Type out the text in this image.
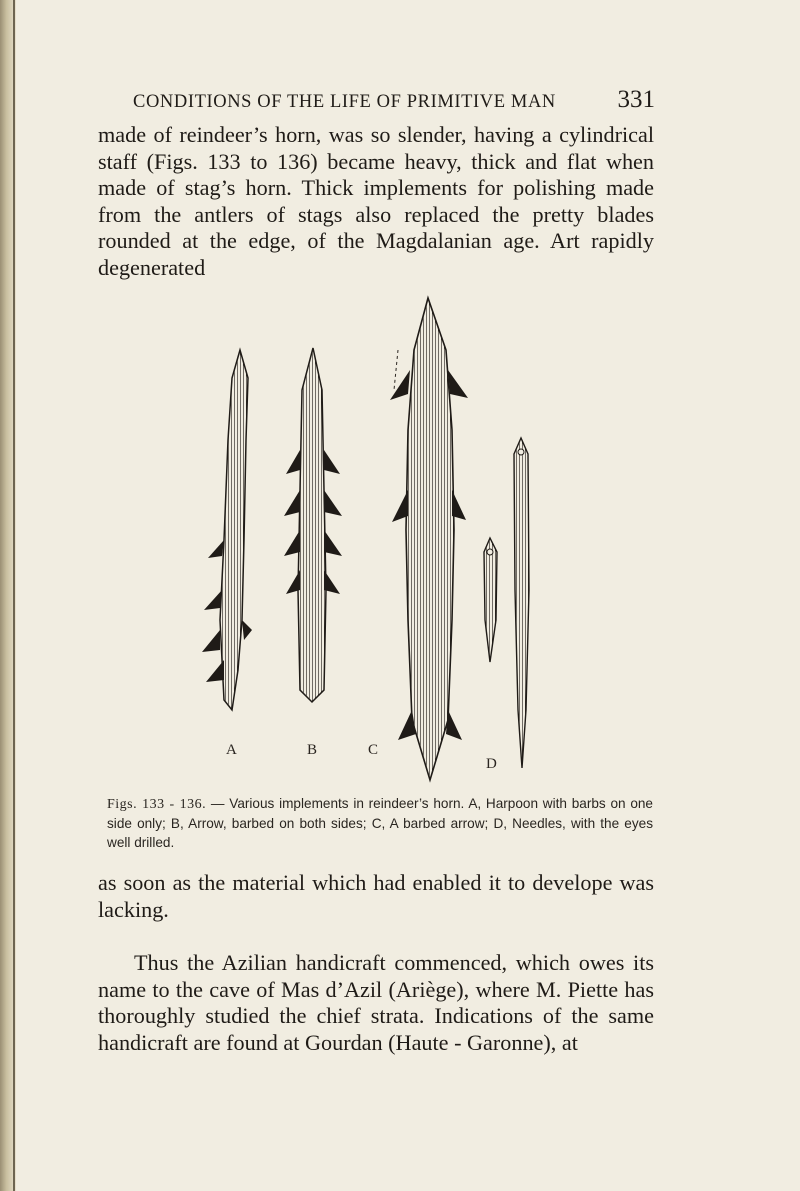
CONDITIONS OF THE LIFE OF PRIMITIVE MAN 331

made of reindeer’s horn, was so slender, having a cylindrical staff (Figs. 133 to 136) became heavy, thick and flat when made of stag’s horn. Thick implements for polishing made from the antlers of stags also replaced the pretty blades rounded at the edge, of the Magdalanian age. Art rapidly degenerated

A	B	C
D

Figs. 133 - 136. — Various implements in reindeer’s horn. A, Harpoon with barbs on one side only; B, Arrow, barbed on both sides; C, A barbed arrow; D, Needles, with the eyes well drilled.

as soon as the material which had enabled it to develope was lacking.

Thus the Azilian handicraft commenced, which owes its name to the cave of Mas d’Azil (Ariège), where M. Piette has thoroughly studied the chief strata. Indications of the same handicraft are found at Gourdan (Haute - Garonne), at
